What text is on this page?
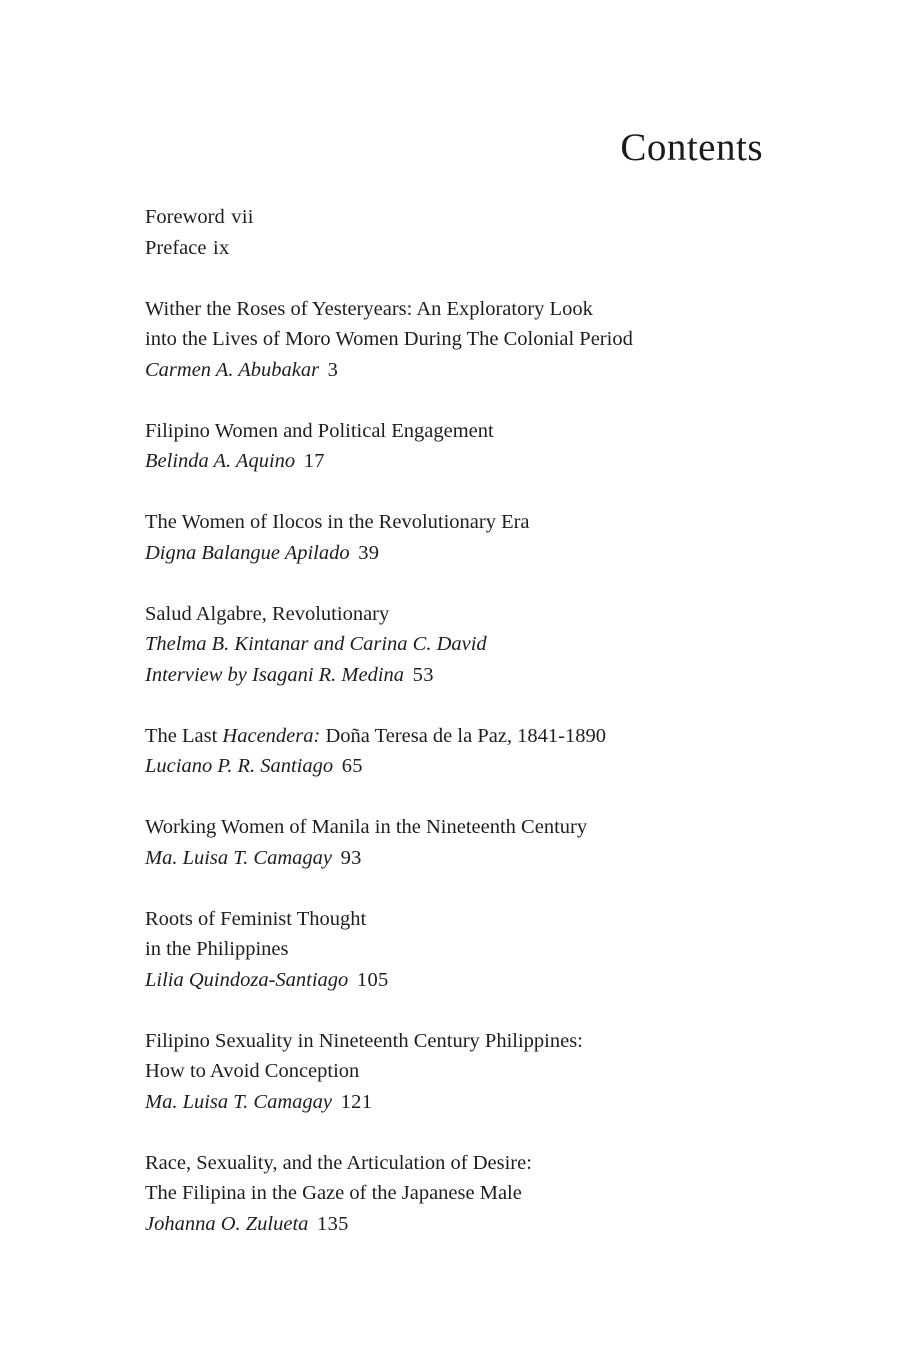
Contents
Foreword vii
Preface ix
Wither the Roses of Yesteryears: An Exploratory Look
into the Lives of Moro Women During The Colonial Period
Carmen A. Abubakar 3
Filipino Women and Political Engagement
Belinda A. Aquino 17
The Women of Ilocos in the Revolutionary Era
Digna Balangue Apilado 39
Salud Algabre, Revolutionary
Thelma B. Kintanar and Carina C. David
Interview by Isagani R. Medina 53
The Last Hacendera: Doña Teresa de la Paz, 1841-1890
Luciano P. R. Santiago 65
Working Women of Manila in the Nineteenth Century
Ma. Luisa T. Camagay 93
Roots of Feminist Thought
in the Philippines
Lilia Quindoza-Santiago 105
Filipino Sexuality in Nineteenth Century Philippines:
How to Avoid Conception
Ma. Luisa T. Camagay 121
Race, Sexuality, and the Articulation of Desire:
The Filipina in the Gaze of the Japanese Male
Johanna O. Zulueta 135
